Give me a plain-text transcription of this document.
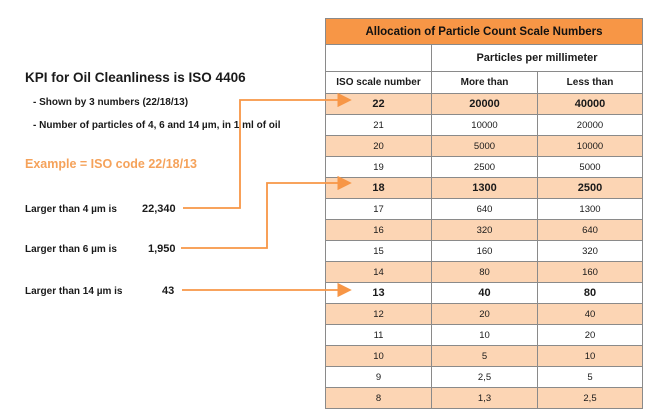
KPI for Oil Cleanliness is ISO 4406
- Shown by 3 numbers (22/18/13)
- Number of particles of 4, 6 and 14 µm, in 1 ml of oil
Example = ISO code 22/18/13
Larger than 4 µm is 22,340
Larger than 6 µm is	1,950
Larger than 14 µm is	43
Allocation of Particle Count Scale Numbers		
	Particles per millimeter	
ISO scale number	More than	Less than
22	20000	40000
21	10000	20000
20	5000	10000
19	2500	5000
18	1300	2500
17	640	1300
16	320	640
15	160	320
14	80	160
13	40	80
12	20	40
11	10	20
10	5	10
9	2,5	5
8	1,3	2,5
